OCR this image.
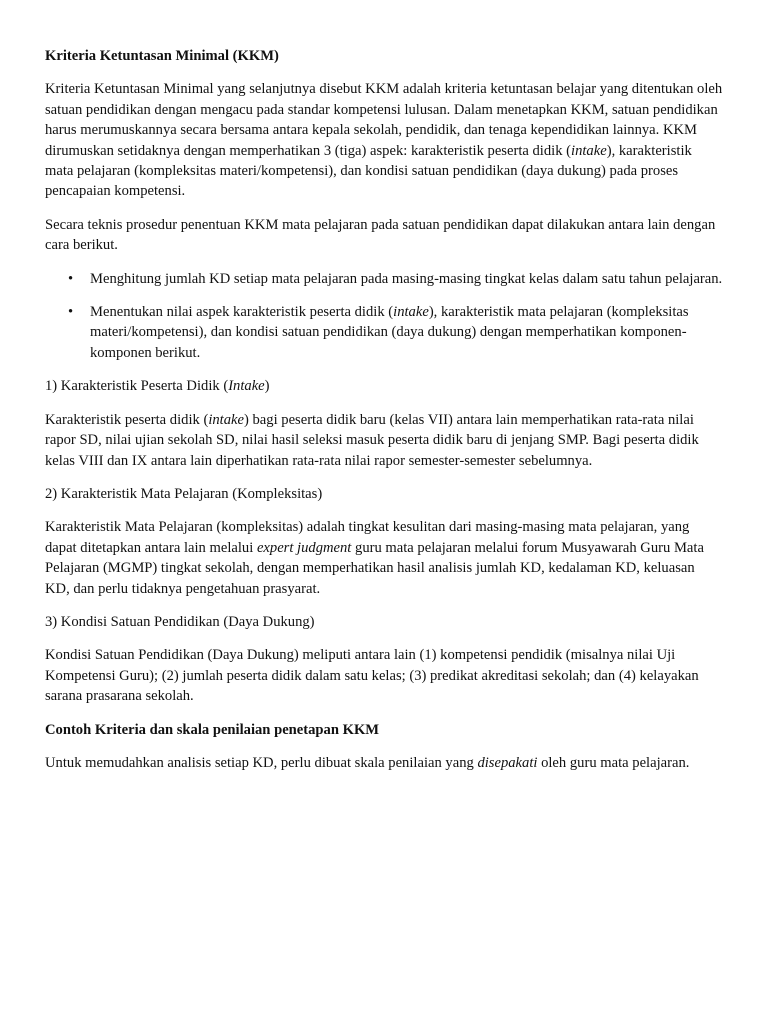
Kriteria Ketuntasan Minimal (KKM)

Kriteria Ketuntasan Minimal yang selanjutnya disebut KKM adalah kriteria ketuntasan belajar yang ditentukan oleh satuan pendidikan dengan mengacu pada standar kompetensi lulusan. Dalam menetapkan KKM, satuan pendidikan harus merumuskannya secara bersama antara kepala sekolah, pendidik, dan tenaga kependidikan lainnya. KKM dirumuskan setidaknya dengan memperhatikan 3 (tiga) aspek: karakteristik peserta didik (intake), karakteristik mata pelajaran (kompleksitas materi/kompetensi), dan kondisi satuan pendidikan (daya dukung) pada proses pencapaian kompetensi.

Secara teknis prosedur penentuan KKM mata pelajaran pada satuan pendidikan dapat dilakukan antara lain dengan cara berikut.

• Menghitung jumlah KD setiap mata pelajaran pada masing-masing tingkat kelas dalam satu tahun pelajaran.
• Menentukan nilai aspek karakteristik peserta didik (intake), karakteristik mata pelajaran (kompleksitas materi/kompetensi), dan kondisi satuan pendidikan (daya dukung) dengan memperhatikan komponen-komponen berikut.

1) Karakteristik Peserta Didik (Intake)

Karakteristik peserta didik (intake) bagi peserta didik baru (kelas VII) antara lain memperhatikan rata-rata nilai rapor SD, nilai ujian sekolah SD, nilai hasil seleksi masuk peserta didik baru di jenjang SMP. Bagi peserta didik kelas VIII dan IX antara lain diperhatikan rata-rata nilai rapor semester-semester sebelumnya.

2) Karakteristik Mata Pelajaran (Kompleksitas)

Karakteristik Mata Pelajaran (kompleksitas) adalah tingkat kesulitan dari masing-masing mata pelajaran, yang dapat ditetapkan antara lain melalui expert judgment guru mata pelajaran melalui forum Musyawarah Guru Mata Pelajaran (MGMP) tingkat sekolah, dengan memperhatikan hasil analisis jumlah KD, kedalaman KD, keluasan KD, dan perlu tidaknya pengetahuan prasyarat.

3) Kondisi Satuan Pendidikan (Daya Dukung)

Kondisi Satuan Pendidikan (Daya Dukung) meliputi antara lain (1) kompetensi pendidik (misalnya nilai Uji Kompetensi Guru); (2) jumlah peserta didik dalam satu kelas; (3) predikat akreditasi sekolah; dan (4) kelayakan sarana prasarana sekolah.

Contoh Kriteria dan skala penilaian penetapan KKM

Untuk memudahkan analisis setiap KD, perlu dibuat skala penilaian yang disepakati oleh guru mata pelajaran.
